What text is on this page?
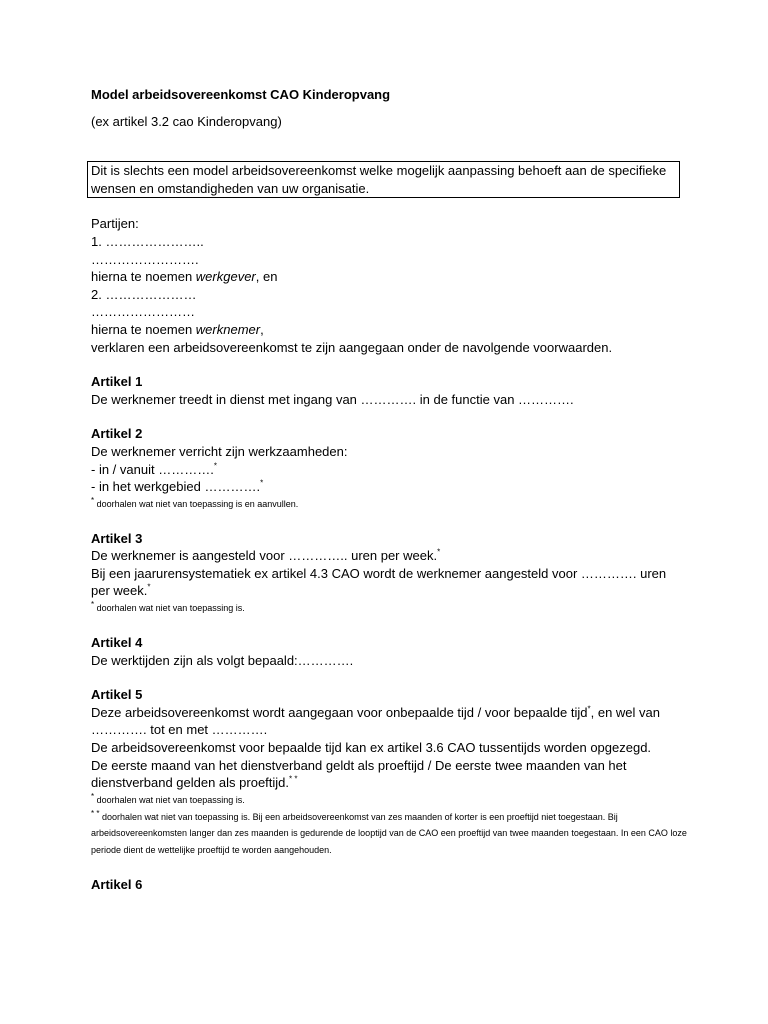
Model arbeidsovereenkomst CAO Kinderopvang

(ex artikel 3.2 cao Kinderopvang)

Dit is slechts een model arbeidsovereenkomst welke mogelijk aanpassing behoeft aan de specifieke wensen en omstandigheden van uw organisatie.

Partijen:

1. …………………..

…………………….

hierna te noemen werkgever, en

2. …………………

……………………

hierna te noemen werknemer,

verklaren een arbeidsovereenkomst te zijn aangegaan onder de navolgende voorwaarden.

Artikel 1

De werknemer treedt in dienst met ingang van …………. in de functie van ………….

Artikel 2

De werknemer verricht zijn werkzaamheden:

- in / vanuit ………….*

- in het werkgebied ………….*

* doorhalen wat niet van toepassing is en aanvullen.

Artikel 3

De werknemer is aangesteld voor ………….. uren per week.*

Bij een jaarurensystematiek ex artikel 4.3 CAO wordt de werknemer aangesteld voor …………. uren

per week.*

* doorhalen wat niet van toepassing is.

Artikel 4

De werktijden zijn als volgt bepaald:………….

Artikel 5

Deze arbeidsovereenkomst wordt aangegaan voor onbepaalde tijd / voor bepaalde tijd*, en wel van

…………. tot en met ………….

De arbeidsovereenkomst voor bepaalde tijd kan ex artikel 3.6 CAO tussentijds worden opgezegd.

De eerste maand van het dienstverband geldt als proeftijd / De eerste twee maanden van het

dienstverband gelden als proeftijd.* *

* doorhalen wat niet van toepassing is.

* * doorhalen wat niet van toepassing is. Bij een arbeidsovereenkomst van zes maanden of korter is een proeftijd niet toegestaan. Bij arbeidsovereenkomsten langer dan zes maanden is gedurende de looptijd van de CAO een proeftijd van twee maanden toegestaan. In een CAO loze periode dient de wettelijke proeftijd te worden aangehouden.

Artikel 6
